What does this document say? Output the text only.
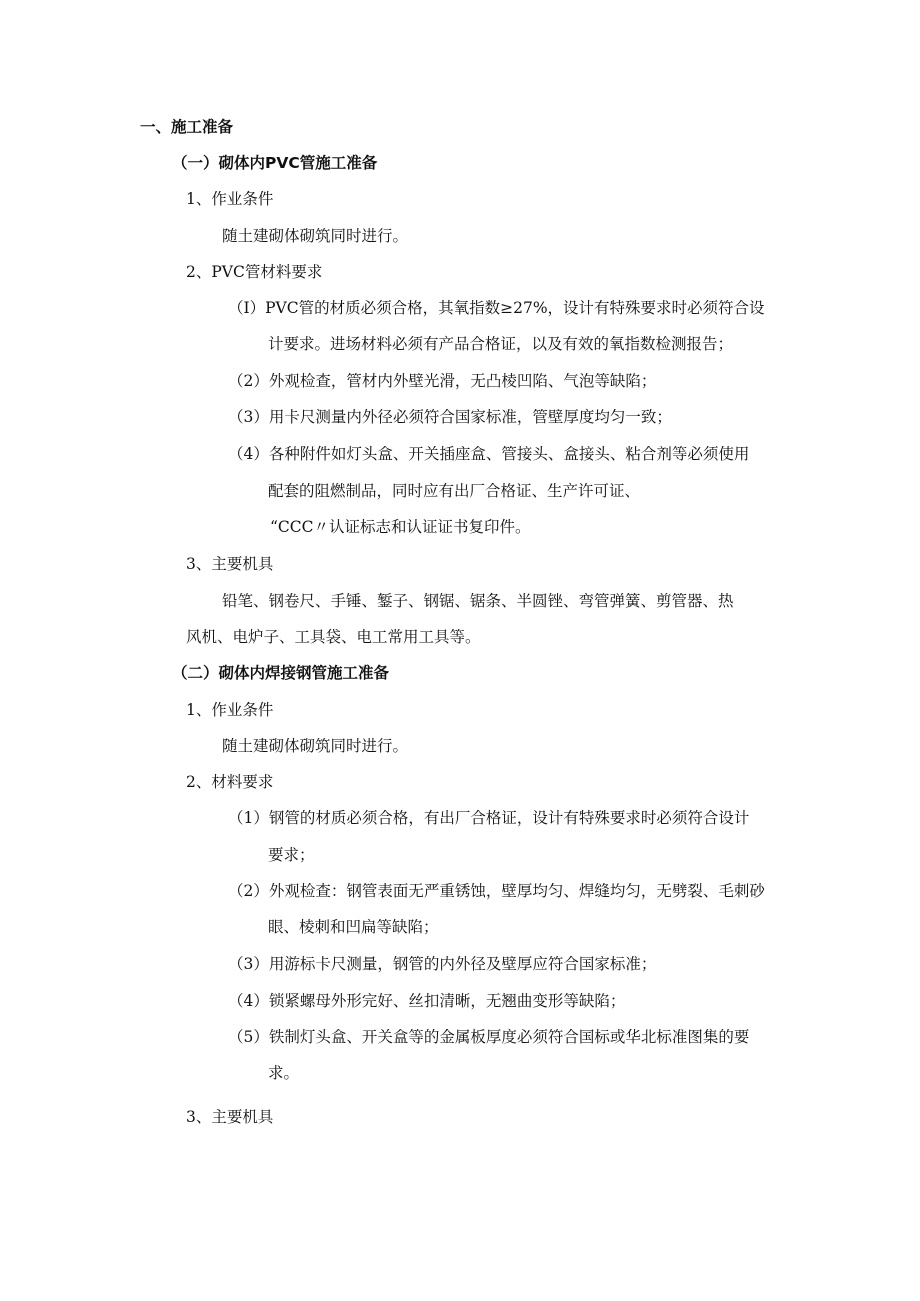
一、施工准备

（一）砌体内PVC管施工准备

1、作业条件

随土建砌体砌筑同时进行。

2、PVC管材料要求

（I）PVC管的材质必须合格，其氧指数≥27%，设计有特殊要求时必须符合设

计要求。进场材料必须有产品合格证，以及有效的氧指数检测报告；

（2）外观检查，管材内外壁光滑，无凸棱凹陷、气泡等缺陷；

（3）用卡尺测量内外径必须符合国家标准，管壁厚度均匀一致；

（4）各种附件如灯头盒、开关插座盒、管接头、盒接头、粘合剂等必须使用

配套的阻燃制品，同时应有出厂合格证、生产许可证、

“CCC〃认证标志和认证证书复印件。

3、主要机具

铅笔、钢卷尺、手锤、錾子、钢锯、锯条、半圆锉、弯管弹簧、剪管器、热

风机、电炉子、工具袋、电工常用工具等。

（二）砌体内焊接钢管施工准备

1、作业条件

随土建砌体砌筑同时进行。

2、材料要求

（1）钢管的材质必须合格，有出厂合格证，设计有特殊要求时必须符合设计

要求；

（2）外观检查：钢管表面无严重锈蚀，壁厚均匀、焊缝均匀，无劈裂、毛刺砂

眼、棱刺和凹扁等缺陷；

（3）用游标卡尺测量，钢管的内外径及壁厚应符合国家标准；

（4）锁紧螺母外形完好、丝扣清晰，无翘曲变形等缺陷；

（5）铁制灯头盒、开关盒等的金属板厚度必须符合国标或华北标准图集的要

求。

3、主要机具
